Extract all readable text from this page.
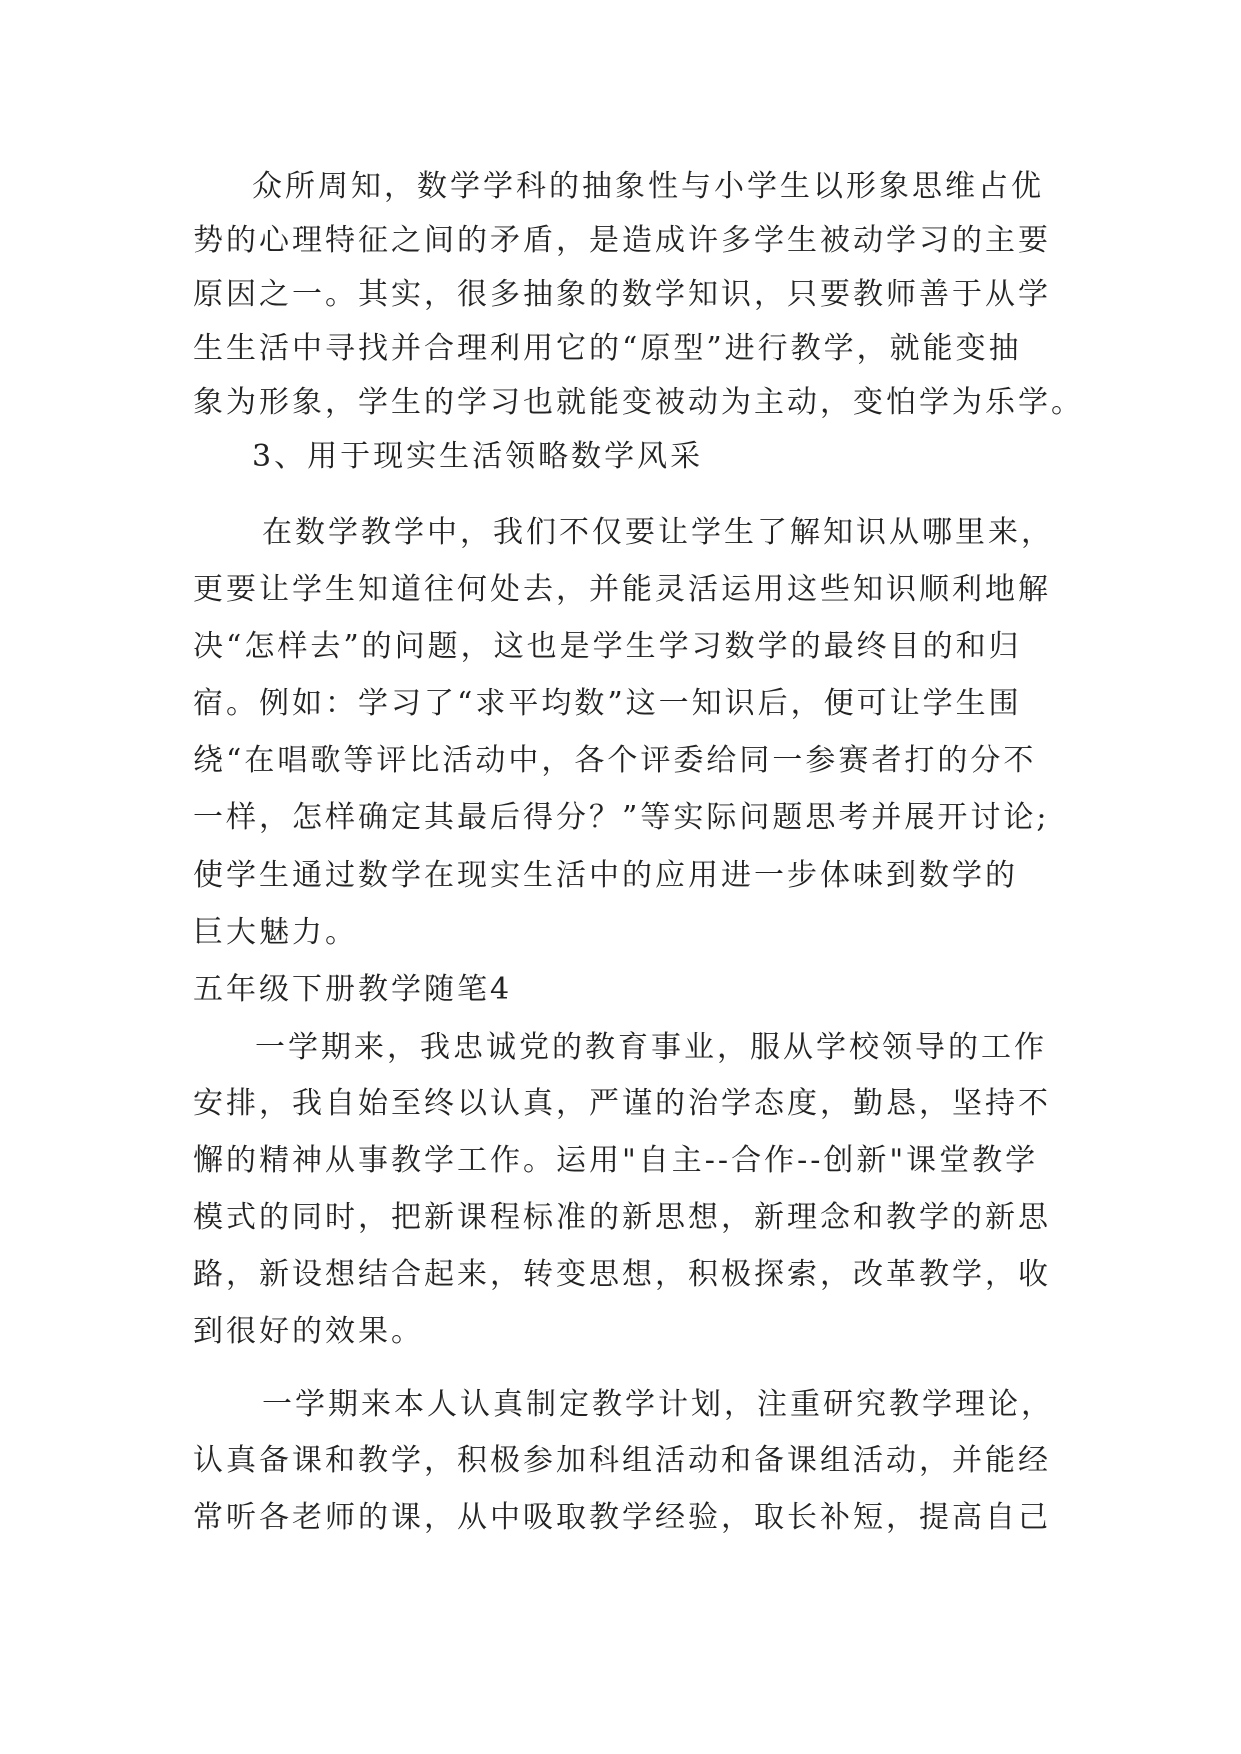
众所周知，数学学科的抽象性与小学生以形象思维占优
势的心理特征之间的矛盾，是造成许多学生被动学习的主要
原因之一。其实，很多抽象的数学知识，只要教师善于从学
生生活中寻找并合理利用它的“原型”进行教学，就能变抽
象为形象，学生的学习也就能变被动为主动，变怕学为乐学。
3、用于现实生活领略数学风采
在数学教学中，我们不仅要让学生了解知识从哪里来，
更要让学生知道往何处去，并能灵活运用这些知识顺利地解
决“怎样去”的问题，这也是学生学习数学的最终目的和归
宿。例如：学习了“求平均数”这一知识后，便可让学生围
绕“在唱歌等评比活动中，各个评委给同一参赛者打的分不
一样，怎样确定其最后得分？”等实际问题思考并展开讨论;
使学生通过数学在现实生活中的应用进一步体味到数学的
巨大魅力。
五年级下册教学随笔4
一学期来，我忠诚党的教育事业，服从学校领导的工作
安排，我自始至终以认真，严谨的治学态度，勤恳，坚持不
懈的精神从事教学工作。运用"自主--合作--创新"课堂教学
模式的同时，把新课程标准的新思想，新理念和教学的新思
路，新设想结合起来，转变思想，积极探索，改革教学，收
到很好的效果。
一学期来本人认真制定教学计划，注重研究教学理论，
认真备课和教学，积极参加科组活动和备课组活动，并能经
常听各老师的课，从中吸取教学经验，取长补短，提高自己
